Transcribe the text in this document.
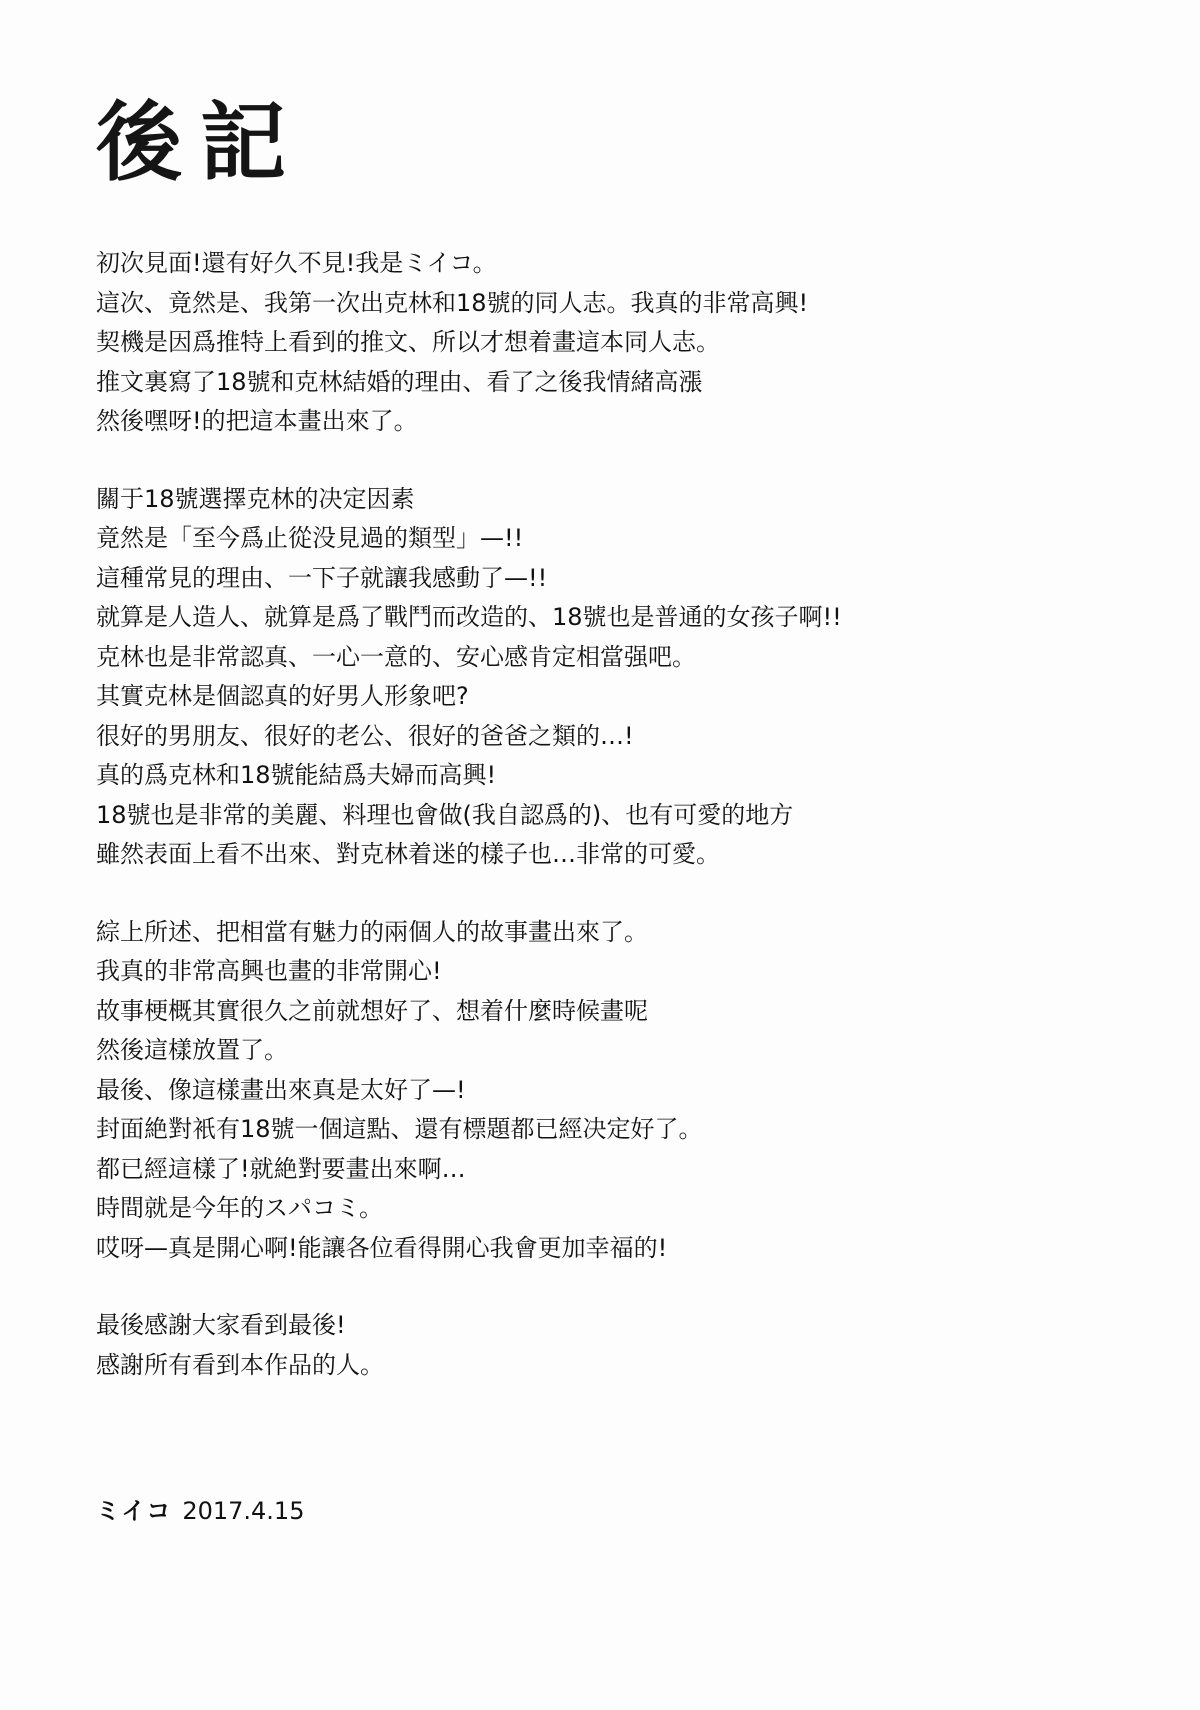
後記
初次見面!還有好久不見!我是ミイコ。
這次、竟然是、我第一次出克林和18號的同人志。我真的非常高興!
契機是因爲推特上看到的推文、所以才想着畫這本同人志。
推文裏寫了18號和克林結婚的理由、看了之後我情緒高漲
然後嘿呀!的把這本畫出來了。
關于18號選擇克林的决定因素
竟然是「至今爲止從没見過的類型」—!!
這種常見的理由、一下子就讓我感動了—!!
就算是人造人、就算是爲了戰鬥而改造的、18號也是普通的女孩子啊!!
克林也是非常認真、一心一意的、安心感肯定相當强吧。
其實克林是個認真的好男人形象吧?
很好的男朋友、很好的老公、很好的爸爸之類的…!
真的爲克林和18號能結爲夫婦而高興!
18號也是非常的美麗、料理也會做(我自認爲的)、也有可愛的地方
雖然表面上看不出來、對克林着迷的樣子也…非常的可愛。
綜上所述、把相當有魅力的兩個人的故事畫出來了。
我真的非常高興也畫的非常開心!
故事梗概其實很久之前就想好了、想着什麼時候畫呢
然後這樣放置了。
最後、像這樣畫出來真是太好了—!
封面絶對衹有18號一個這點、還有標題都已經决定好了。
都已經這樣了!就絶對要畫出來啊…
時間就是今年的スパコミ。
哎呀—真是開心啊!能讓各位看得開心我會更加幸福的!
最後感謝大家看到最後!
感謝所有看到本作品的人。
ミイコ 2017.4.15
